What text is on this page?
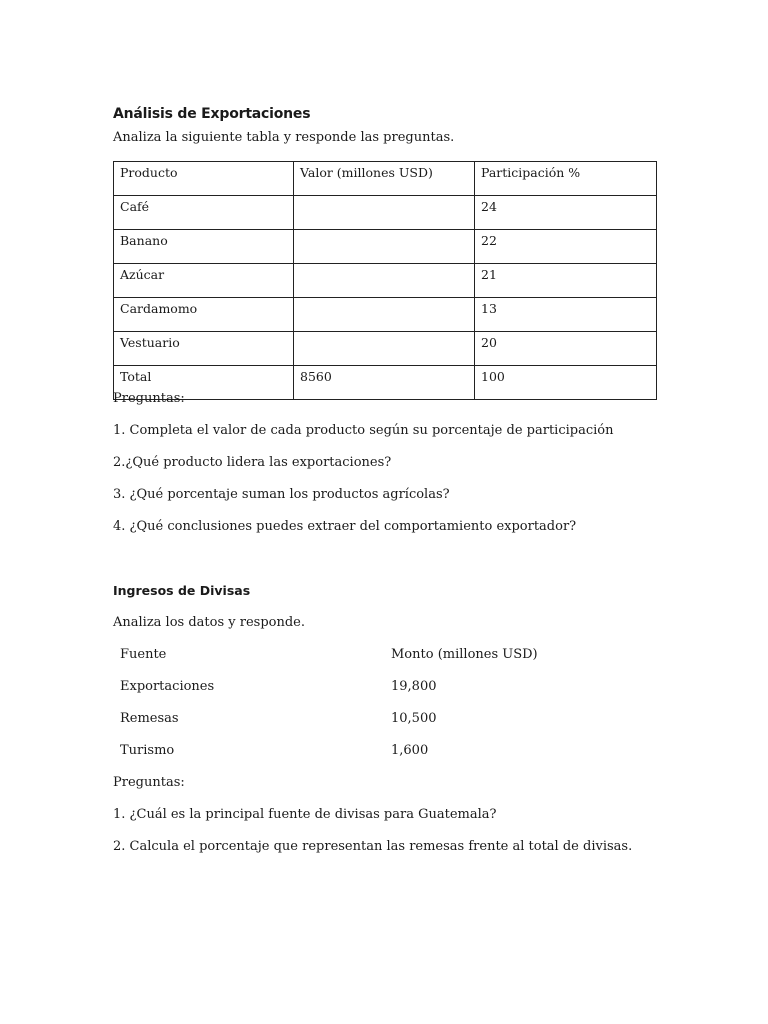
Análisis de Exportaciones
Analiza la siguiente tabla y responde las preguntas.
Producto	Valor (millones USD)	Participación %
Café		24
Banano		22
Azúcar		21
Cardamomo		13
Vestuario		20
Total	8560	100
Preguntas:
1. Completa el valor de cada producto según su porcentaje de participación
2.¿Qué producto lidera las exportaciones?
3. ¿Qué porcentaje suman los productos agrícolas?
4. ¿Qué conclusiones puedes extraer del comportamiento exportador?
Ingresos de Divisas
Analiza los datos y responde.
Fuente	Monto (millones USD)
Exportaciones	19,800
Remesas	10,500
Turismo	1,600
Preguntas:
1. ¿Cuál es la principal fuente de divisas para Guatemala?
2. Calcula el porcentaje que representan las remesas frente al total de divisas.
